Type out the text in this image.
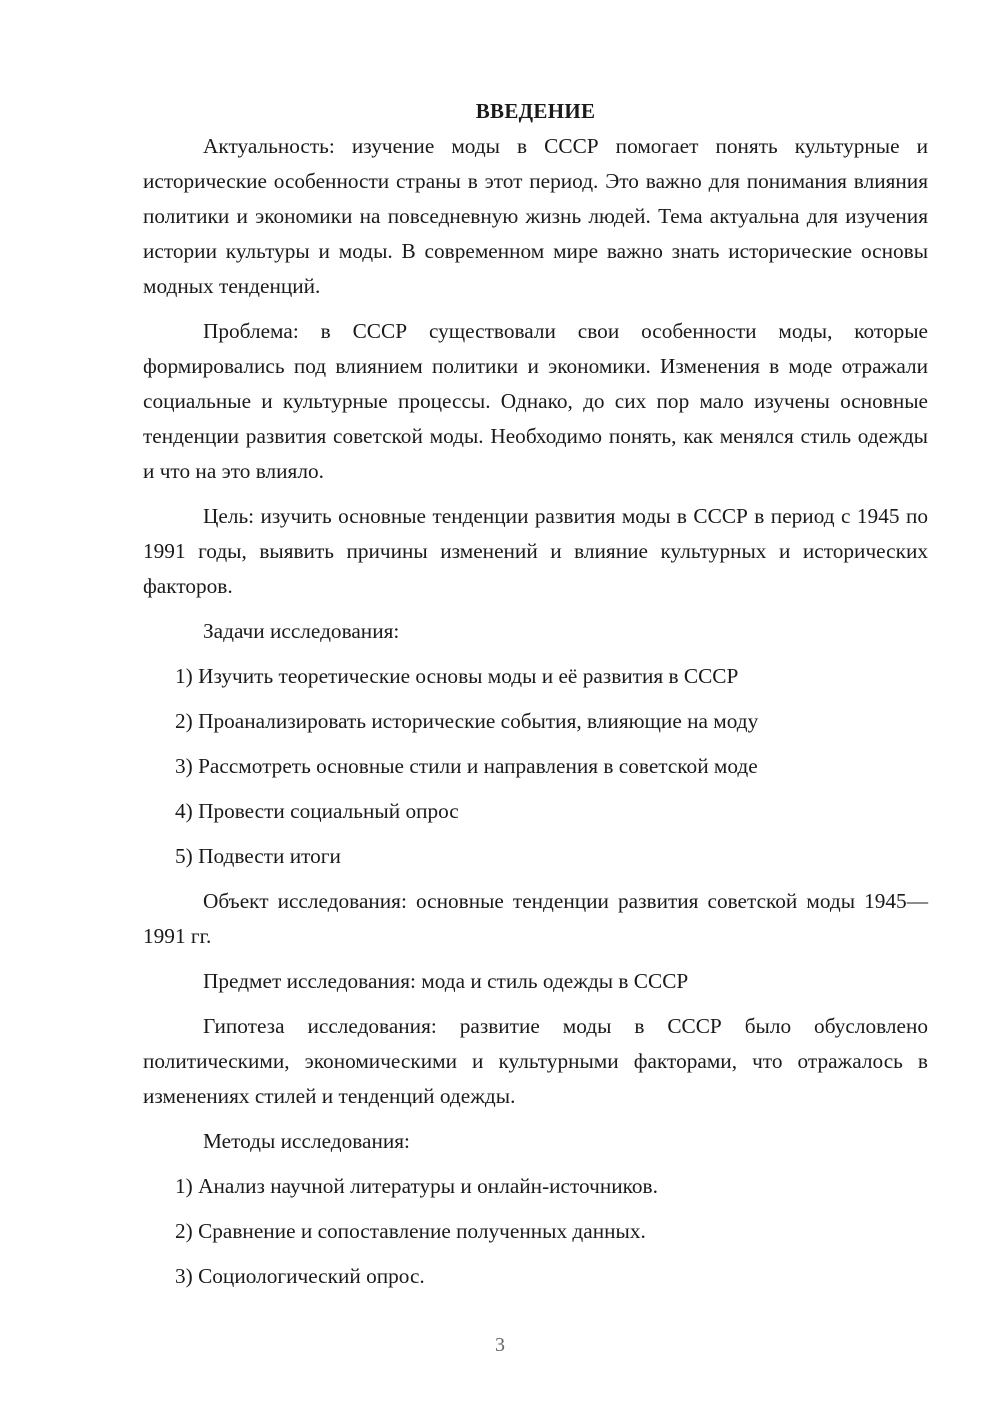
ВВЕДЕНИЕ

Актуальность: изучение моды в СССР помогает понять культурные и исторические особенности страны в этот период. Это важно для понимания влияния политики и экономики на повседневную жизнь людей. Тема актуальна для изучения истории культуры и моды. В современном мире важно знать исторические основы модных тенденций.

Проблема: в СССР существовали свои особенности моды, которые формировались под влиянием политики и экономики. Изменения в моде отражали социальные и культурные процессы. Однако, до сих пор мало изучены основные тенденции развития советской моды. Необходимо понять, как менялся стиль одежды и что на это влияло.

Цель: изучить основные тенденции развития моды в СССР в период с 1945 по 1991 годы, выявить причины изменений и влияние культурных и исторических факторов.

Задачи исследования:

1) Изучить теоретические основы моды и её развития в СССР

2) Проанализировать исторические события, влияющие на моду

3) Рассмотреть основные стили и направления в советской моде

4) Провести социальный опрос

5) Подвести итоги

Объект исследования: основные тенденции развития советской моды 1945—1991 гг.

Предмет исследования: мода и стиль одежды в СССР

Гипотеза исследования: развитие моды в СССР было обусловлено политическими, экономическими и культурными факторами, что отражалось в изменениях стилей и тенденций одежды.

Методы исследования:

1) Анализ научной литературы и онлайн-источников.

2) Сравнение и сопоставление полученных данных.

3) Социологический опрос.

3
